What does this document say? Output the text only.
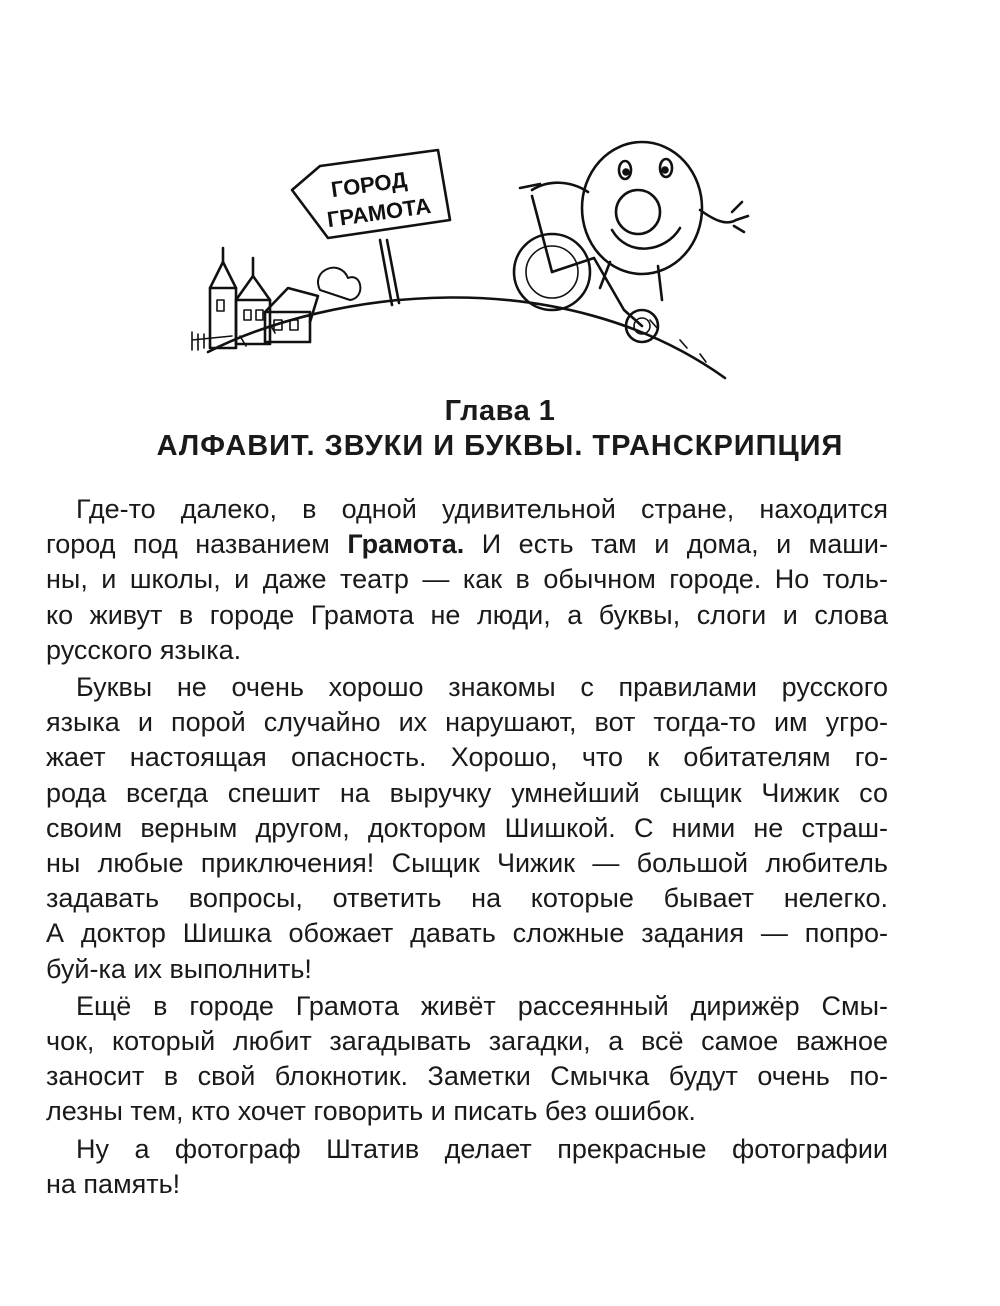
ГОРОД
ГРАМОТА
Глава 1
АЛФАВИТ. ЗВУКИ И БУКВЫ. ТРАНСКРИПЦИЯ
Где-то далеко, в одной удивительной стране, находится
город под названием Грамота. И есть там и дома, и маши-
ны, и школы, и даже театр — как в обычном городе. Но толь-
ко живут в городе Грамота не люди, а буквы, слоги и слова
русского языка.
Буквы не очень хорошо знакомы с правилами русского
языка и порой случайно их нарушают, вот тогда-то им угро-
жает настоящая опасность. Хорошо, что к обитателям го-
рода всегда спешит на выручку умнейший сыщик Чижик со
своим верным другом, доктором Шишкой. С ними не страш-
ны любые приключения! Сыщик Чижик — большой любитель
задавать вопросы, ответить на которые бывает нелегко.
А доктор Шишка обожает давать сложные задания — попро-
буй-ка их выполнить!
Ещё в городе Грамота живёт рассеянный дирижёр Смы-
чок, который любит загадывать загадки, а всё самое важное
заносит в свой блокнотик. Заметки Смычка будут очень по-
лезны тем, кто хочет говорить и писать без ошибок.
Ну а фотограф Штатив делает прекрасные фотографии
на память!
